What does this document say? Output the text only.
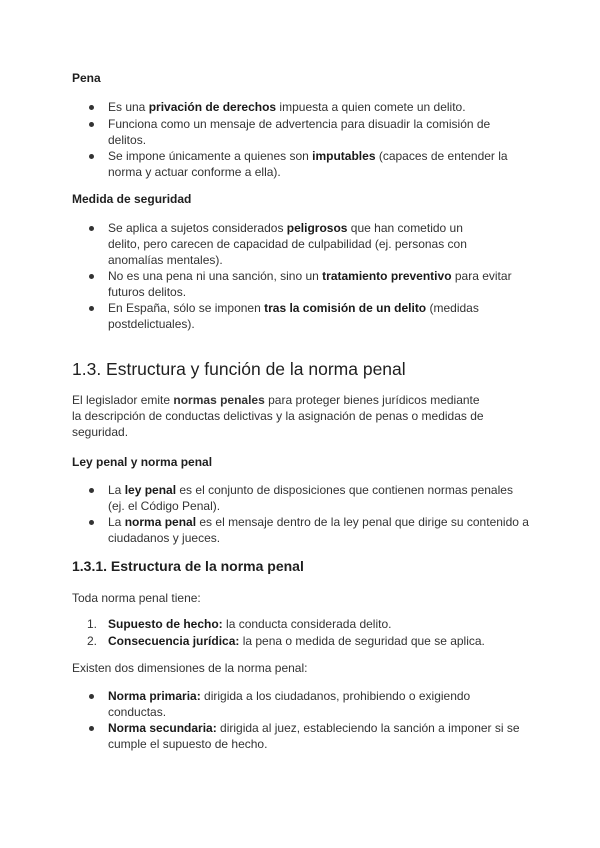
Pena
Es una privación de derechos impuesta a quien comete un delito.
Funciona como un mensaje de advertencia para disuadir la comisión de delitos.
Se impone únicamente a quienes son imputables (capaces de entender la norma y actuar conforme a ella).
Medida de seguridad
Se aplica a sujetos considerados peligrosos que han cometido un delito, pero carecen de capacidad de culpabilidad (ej. personas con anomalías mentales).
No es una pena ni una sanción, sino un tratamiento preventivo para evitar futuros delitos.
En España, sólo se imponen tras la comisión de un delito (medidas postdelictuales).
1.3. Estructura y función de la norma penal

El legislador emite normas penales para proteger bienes jurídicos mediante la descripción de conductas delictivas y la asignación de penas o medidas de seguridad.

Ley penal y norma penal
La ley penal es el conjunto de disposiciones que contienen normas penales (ej. el Código Penal).
La norma penal es el mensaje dentro de la ley penal que dirige su contenido a ciudadanos y jueces.
1.3.1. Estructura de la norma penal

Toda norma penal tiene:

1. Supuesto de hecho: la conducta considerada delito.
2. Consecuencia jurídica: la pena o medida de seguridad que se aplica.

Existen dos dimensiones de la norma penal:

Norma primaria: dirigida a los ciudadanos, prohibiendo o exigiendo conductas.
Norma secundaria: dirigida al juez, estableciendo la sanción a imponer si se cumple el supuesto de hecho.
